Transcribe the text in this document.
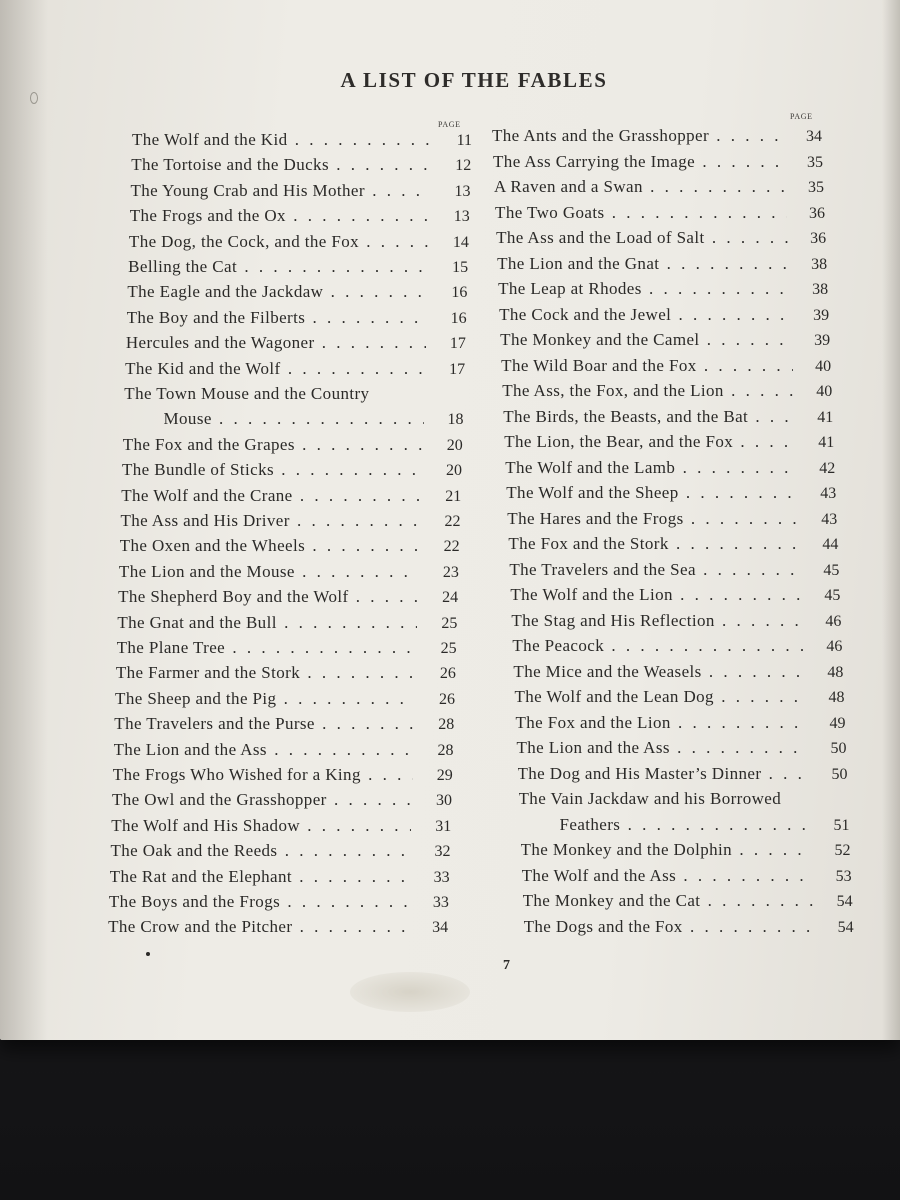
A LIST OF THE FABLES
PAGE
PAGE
The Wolf and the Kid . . .	11
The Tortoise and the Ducks . . .	12
The Young Crab and His Mother . . .	13
The Frogs and the Ox . . .	13
The Dog, the Cock, and the Fox . . .	14
Belling the Cat . . .	15
The Eagle and the Jackdaw . . .	16
The Boy and the Filberts . . .	16
Hercules and the Wagoner . . .	17
The Kid and the Wolf . . .	17
The Town Mouse and the Country
Mouse . . .	18
The Fox and the Grapes . . .	20
The Bundle of Sticks . . .	20
The Wolf and the Crane . . .	21
The Ass and His Driver . . .	22
The Oxen and the Wheels . . .	22
The Lion and the Mouse . . .	23
The Shepherd Boy and the Wolf . . .	24
The Gnat and the Bull . . .	25
The Plane Tree . . .	25
The Farmer and the Stork . . .	26
The Sheep and the Pig . . .	26
The Travelers and the Purse . . .	28
The Lion and the Ass . . .	28
The Frogs Who Wished for a King . . .	29
The Owl and the Grasshopper . . .	30
The Wolf and His Shadow . . .	31
The Oak and the Reeds . . .	32
The Rat and the Elephant . . .	33
The Boys and the Frogs . . .	33
The Crow and the Pitcher . . .	34
The Ants and the Grasshopper . . .	34
The Ass Carrying the Image . . .	35
A Raven and a Swan . . .	35
The Two Goats . . .	36
The Ass and the Load of Salt . . .	36
The Lion and the Gnat . . .	38
The Leap at Rhodes . . .	38
The Cock and the Jewel . . .	39
The Monkey and the Camel . . .	39
The Wild Boar and the Fox . . .	40
The Ass, the Fox, and the Lion . . .	40
The Birds, the Beasts, and the Bat . . .	41
The Lion, the Bear, and the Fox . . .	41
The Wolf and the Lamb . . .	42
The Wolf and the Sheep . . .	43
The Hares and the Frogs . . .	43
The Fox and the Stork . . .	44
The Travelers and the Sea . . .	45
The Wolf and the Lion . . .	45
The Stag and His Reflection . . .	46
The Peacock . . .	46
The Mice and the Weasels . . .	48
The Wolf and the Lean Dog . . .	48
The Fox and the Lion . . .	49
The Lion and the Ass . . .	50
The Dog and His Master’s Dinner . . .	50
The Vain Jackdaw and his Borrowed
Feathers . . .	51
The Monkey and the Dolphin . . .	52
The Wolf and the Ass . . .	53
The Monkey and the Cat . . .	54
The Dogs and the Fox . . .	54
7
